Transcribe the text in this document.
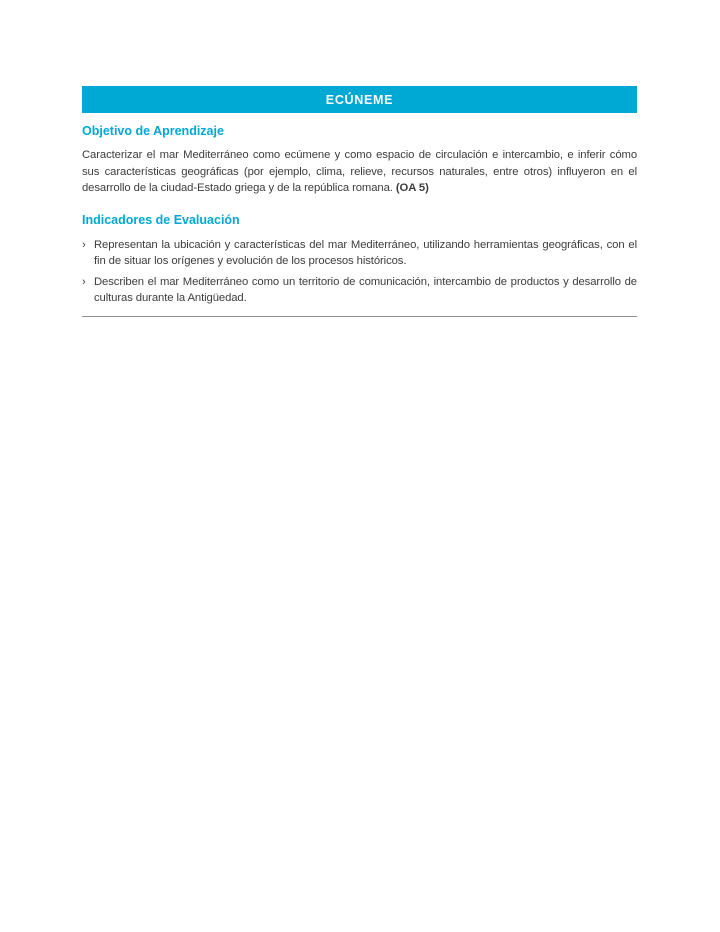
ECÚNEME
Objetivo de Aprendizaje

Caracterizar el mar Mediterráneo como ecúmene y como espacio de circulación e intercambio, e inferir cómo sus características geográficas (por ejemplo, clima, relieve, recursos naturales, entre otros) influyeron en el desarrollo de la ciudad-Estado griega y de la república romana. (OA 5)

Indicadores de Evaluación
› Representan la ubicación y características del mar Mediterráneo, utilizando herramientas geográficas, con el fin de situar los orígenes y evolución de los procesos históricos.
› Describen el mar Mediterráneo como un territorio de comunicación, intercambio de productos y desarrollo de culturas durante la Antigüedad.
